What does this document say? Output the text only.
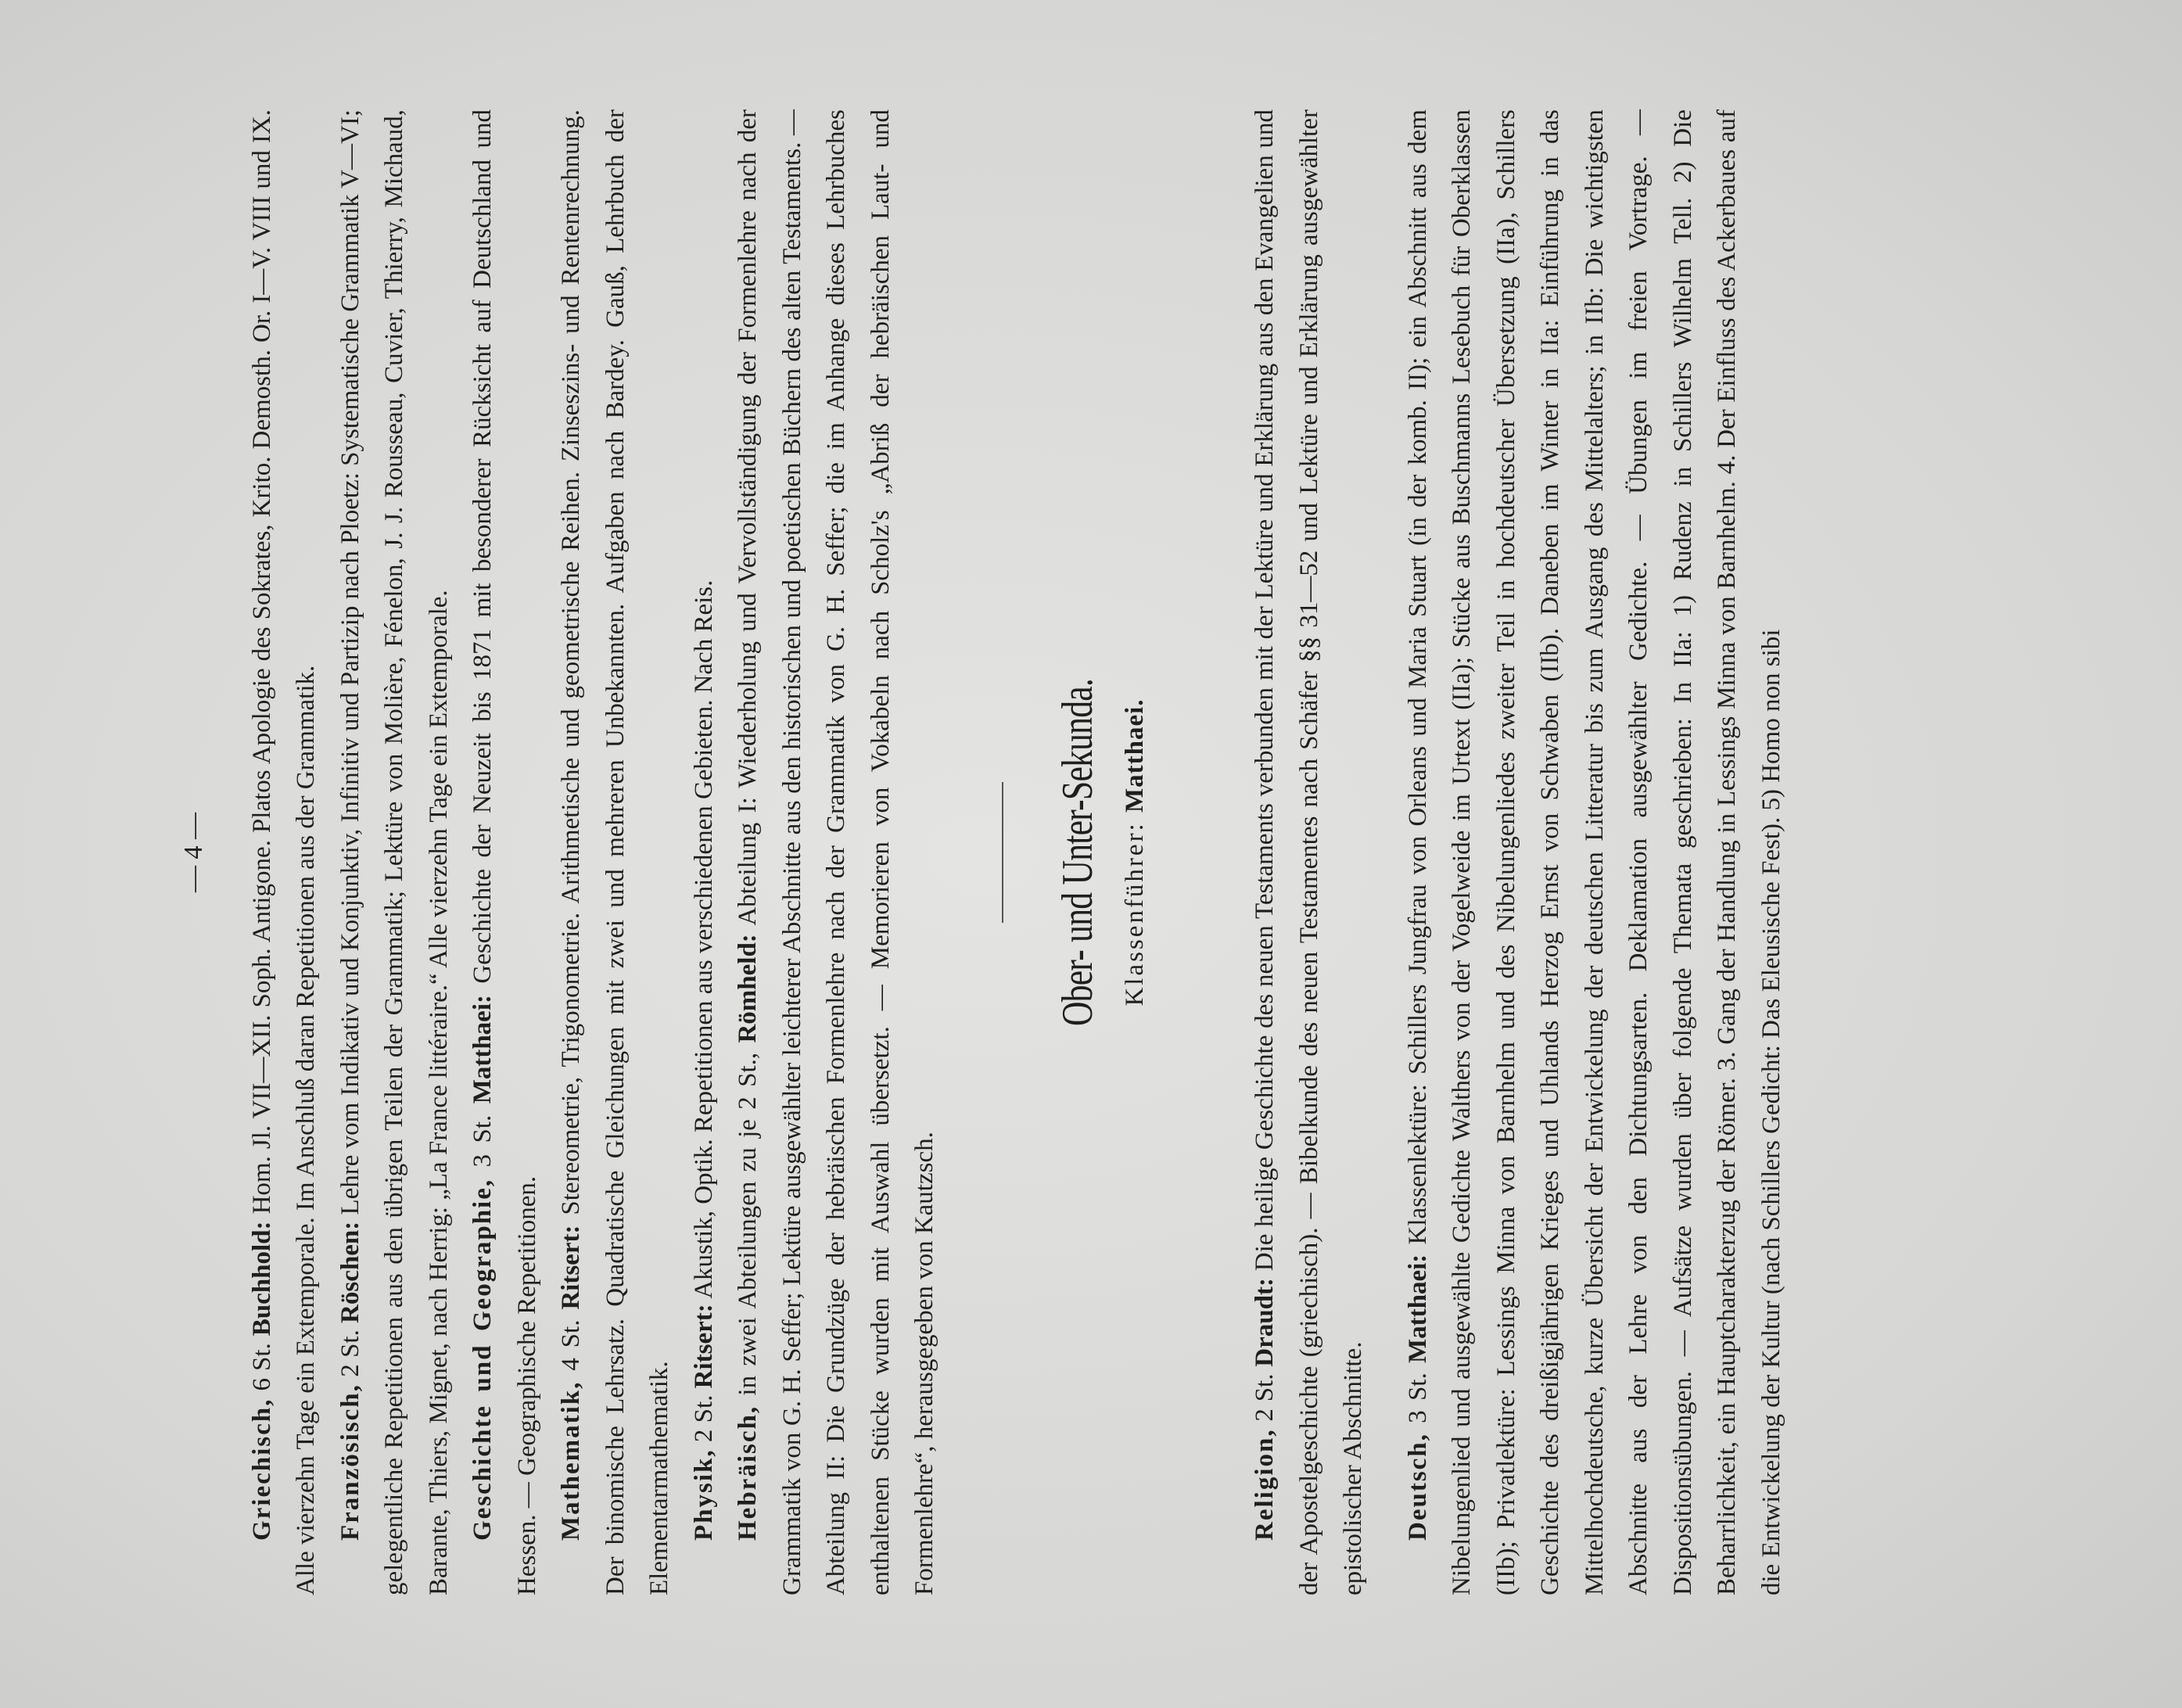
— 4 —

Griechisch, 6 St. Buchhold: Hom. Jl. VII—XII. Soph. Antigone. Platos Apologie des Sokrates, Krito. Demosth. Or. I—V. VIII und IX. Alle vierzehn Tage ein Extemporale. Im Anschluß daran Repetitionen aus der Grammatik. Französisch, 2 St. Röschen: Lehre vom Indikativ und Konjunktiv, Infinitiv und Partizip nach Ploetz: Systematische Grammatik V—VI; gelegentliche Repetitionen aus den übrigen Teilen der Grammatik; Lektüre von Molière, Fénelon, J. J. Rousseau, Cuvier, Thierry, Michaud, Barante, Thiers, Mignet, nach Herrig: „La France littéraire.“ Alle vierzehn Tage ein Extemporale. Geschichte und Geographie, 3 St. Matthaei: Geschichte der Neuzeit bis 1871 mit besonderer Rücksicht auf Deutschland und Hessen. — Geographische Repetitionen. Mathematik, 4 St. Ritsert: Stereometrie, Trigonometrie. Arithmetische und geometrische Reihen. Zinseszins- und Rentenrechnung. Der binomische Lehrsatz. Quadratische Gleichungen mit zwei und mehreren Unbekannten. Aufgaben nach Bardey. Gauß, Lehrbuch der Elementarmathematik. Physik, 2 St. Ritsert: Akustik, Optik. Repetitionen aus verschiedenen Gebieten. Nach Reis.

Hebräisch, in zwei Abteilungen zu je 2 St., Römheld: Abteilung I: Wiederholung und Vervollständigung der Formenlehre nach der Grammatik von G. H. Seffer; Lektüre ausgewählter leichterer Abschnitte aus den historischen und poetischen Büchern des alten Testaments. — Abteilung II: Die Grundzüge der hebräischen Formenlehre nach der Grammatik von G. H. Seffer; die im Anhange dieses Lehrbuches enthaltenen Stücke wurden mit Auswahl übersetzt. — Memorieren von Vokabeln nach Scholz's „Abriß der hebräischen Laut- und Formenlehre“, herausgegeben von Kautzsch.

Ober- und Unter-Sekunda. Klassenführer: Matthaei.

Religion, 2 St. Draudt: Die heilige Geschichte des neuen Testaments verbunden mit der Lektüre und Erklärung aus den Evangelien und der Apostelgeschichte (griechisch). — Bibelkunde des neuen Testamentes nach Schäfer §§ 31—52 und Lektüre und Erklärung ausgewählter epistolischer Abschnitte.	Deutsch, 3 St. Matthaei: Klassenlektüre: Schillers Jungfrau von Orleans und Maria Stuart (in der komb. II); ein Abschnitt aus dem Nibelungenlied und ausgewählte Gedichte Walthers von der Vogelweide im Urtext (IIa); Stücke aus Buschmanns Lesebuch für Oberklassen (IIb); Privatlektüre: Lessings Minna von Barnhelm und des Nibelungenliedes zweiter Teil in hochdeutscher Übersetzung (IIa), Schillers Geschichte des dreißigjährigen Krieges und Uhlands Herzog Ernst von Schwaben (IIb). Daneben im Winter in IIa: Einführung in das Mittelhochdeutsche, kurze Übersicht der Entwickelung der deutschen Litteratur bis zum Ausgang des Mittelalters; in IIb: Die wichtigsten Abschnitte aus der Lehre von den Dichtungsarten. Deklamation ausgewählter Gedichte. — Übungen im freien Vortrage. — Dispositionsübungen. — Aufsätze wurden über folgende Themata geschrieben: In IIa: 1) Rudenz in Schillers Wilhelm Tell. 2) Die Beharrlichkeit, ein Hauptcharakterzug der Römer. 3. Gang der Handlung in Lessings Minna von Barnhelm. 4. Der Einfluss des Ackerbaues auf die Entwickelung der Kultur (nach Schillers Gedicht: Das Eleusische Fest). 5) Homo non sibi
